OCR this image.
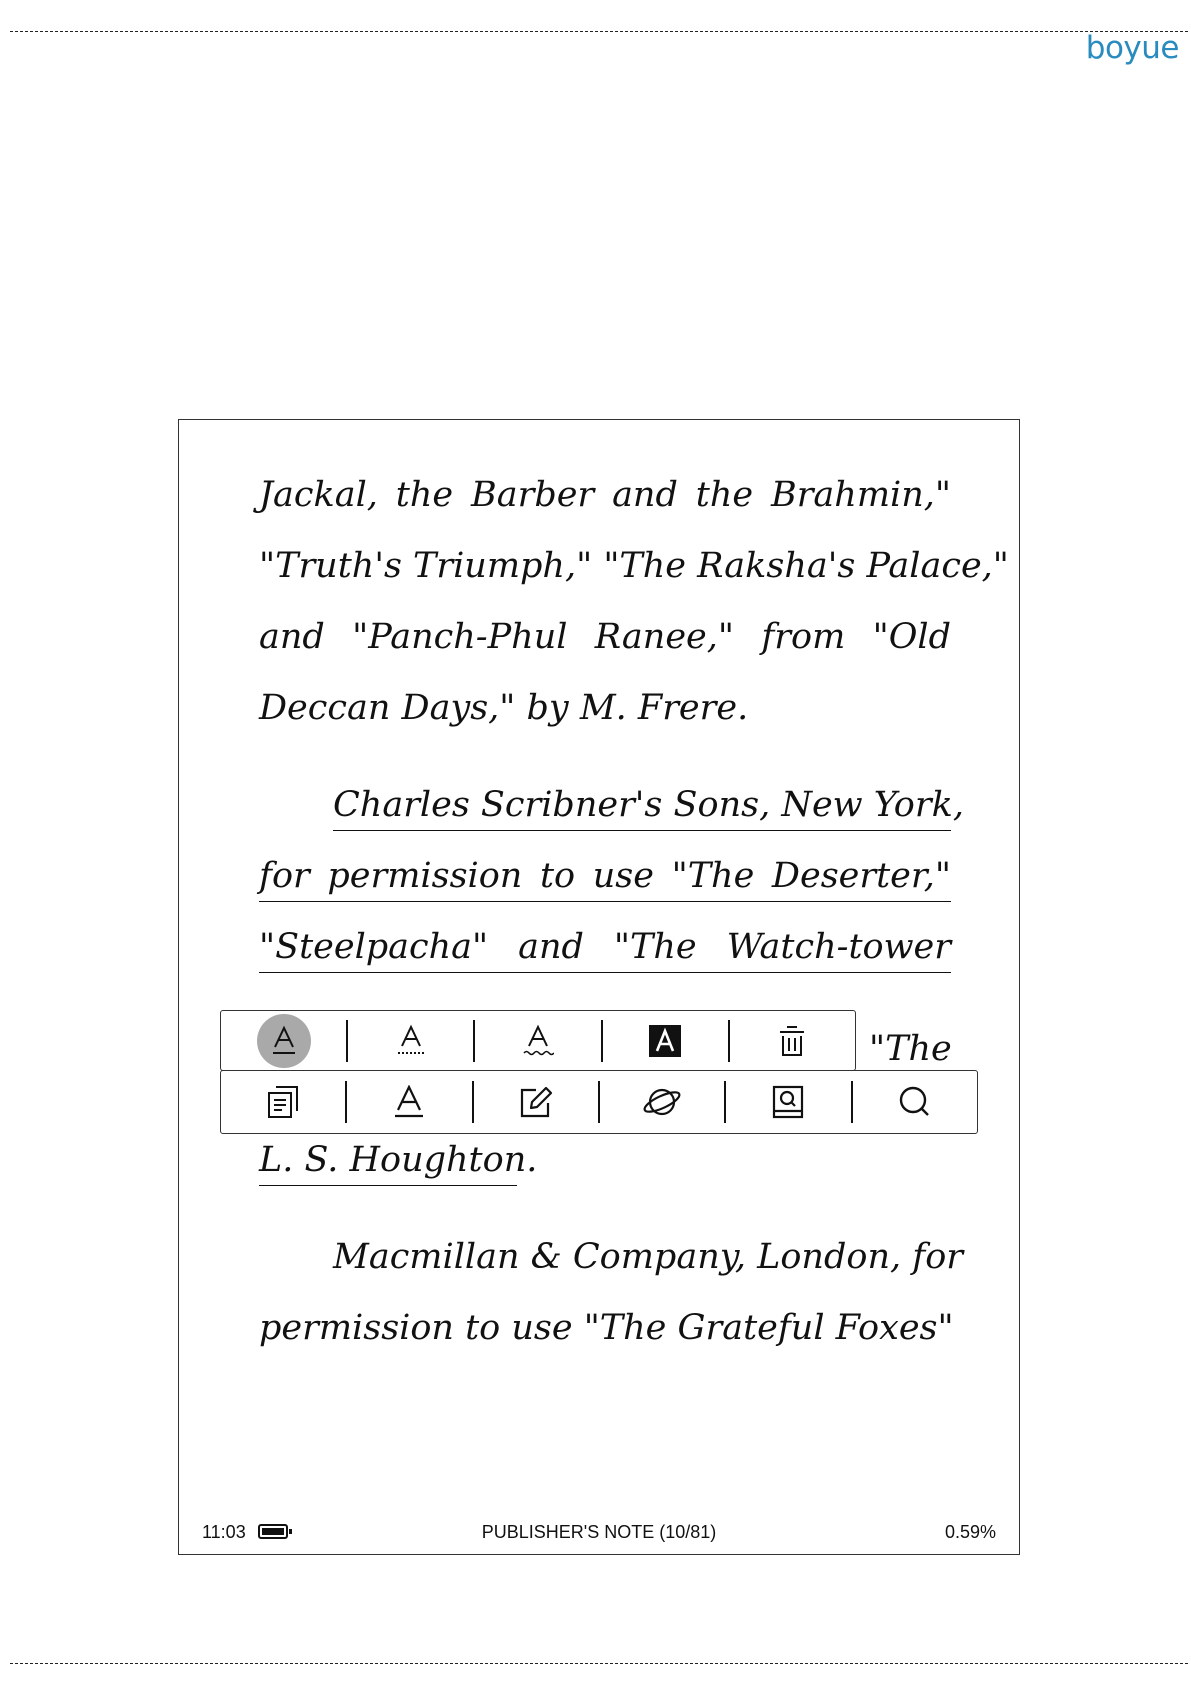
boyue
Jackal, the Barber and the Brahmin,"
"Truth's Triumph," "The Raksha's Palace,"
and "Panch-Phul Ranee," from "Old
Deccan Days," by M. Frere.
Charles Scribner's Sons, New York,
for permission to use "The Deserter,"
"Steelpacha" and "The Watch-tower
L. S. Houghton.
Macmillan & Company, London, for
permission to use "The Grateful Foxes"
"The
11:03	PUBLISHER'S NOTE (10/81)	0.59%
